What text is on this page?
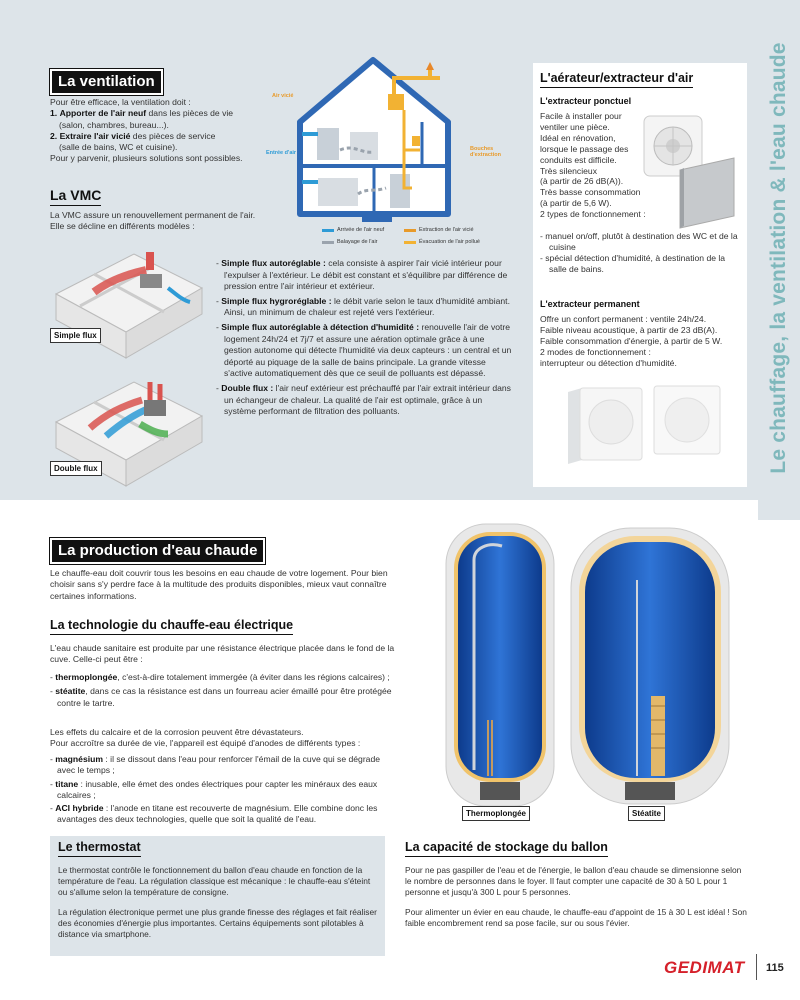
Le chauffage, la ventilation & l'eau chaude
La ventilation
Pour être efficace, la ventilation doit :
1. Apporter de l'air neuf dans les pièces de vie
(salon, chambres, bureau...).
2. Extraire l'air vicié des pièces de service
(salle de bains, WC et cuisine).
Pour y parvenir, plusieurs solutions sont possibles.
Air vicié
Entrée d'air
Bouches d'extraction
Arrivée de l'air neuf	Extraction de l'air vicié
Balayage de l'air	Évacuation de l'air pollué
La VMC
La VMC assure un renouvellement permanent de l'air.
Elle se décline en différents modèles :
Simple flux
Double flux
- Simple flux autoréglable : cela consiste à aspirer l'air vicié intérieur pour l'expulser à l'extérieur. Le débit est constant et s'équilibre par différence de pression entre l'air intérieur et extérieur.
- Simple flux hygroréglable : le débit varie selon le taux d'humidité ambiant. Ainsi, un minimum de chaleur est rejeté vers l'extérieur.
- Simple flux autoréglable à détection d'humidité : renouvelle l'air de votre logement 24h/24 et 7j/7 et assure une aération optimale grâce à une gestion autonome qui détecte l'humidité via deux capteurs : un central et un déporté au piquage de la salle de bains principale. La grande vitesse s'active automatiquement dès que ce seuil de polluants est dépassé.
- Double flux : l'air neuf extérieur est préchauffé par l'air extrait intérieur dans un échangeur de chaleur. La qualité de l'air est optimale, grâce à un système performant de filtration des polluants.
L'aérateur/extracteur d'air
L'extracteur ponctuel
Facile à installer pour
ventiler une pièce.
Idéal en rénovation,
lorsque le passage des
conduits est difficile.
Très silencieux
(à partir de 26 dB(A)).
Très basse consommation
(à partir de 5,6 W).
2 types de fonctionnement :
- manuel on/off, plutôt à destination des WC et de la cuisine
- spécial détection d'humidité, à destination de la salle de bains.
L'extracteur permanent
Offre un confort permanent : ventile 24h/24.
Faible niveau acoustique, à partir de 23 dB(A).
Faible consommation d'énergie, à partir de 5 W.
2 modes de fonctionnement :
interrupteur ou détection d'humidité.
La production d'eau chaude
Le chauffe-eau doit couvrir tous les besoins en eau chaude de votre logement. Pour bien choisir sans s'y perdre face à la multitude des produits disponibles, mieux vaut connaître certaines informations.
La technologie du chauffe-eau électrique
L'eau chaude sanitaire est produite par une résistance électrique placée dans le fond de la cuve. Celle-ci peut être :
- thermoplongée, c'est-à-dire totalement immergée (à éviter dans les régions calcaires) ;
- stéatite, dans ce cas la résistance est dans un fourreau acier émaillé pour être protégée contre le tartre.
Les effets du calcaire et de la corrosion peuvent être dévastateurs.
Pour accroître sa durée de vie, l'appareil est équipé d'anodes de différents types :
- magnésium : il se dissout dans l'eau pour renforcer l'émail de la cuve qui se dégrade avec le temps ;
- titane : inusable, elle émet des ondes électriques pour capter les minéraux des eaux calcaires ;
- ACI hybride : l'anode en titane est recouverte de magnésium. Elle combine donc les avantages des deux technologies, quelle que soit la qualité de l'eau.
Thermoplongée	Stéatite
Le thermostat
Le thermostat contrôle le fonctionnement du ballon d'eau chaude en fonction de la température de l'eau. La régulation classique est mécanique : le chauffe-eau s'éteint ou s'allume selon la température de consigne.
La régulation électronique permet une plus grande finesse des réglages et fait réaliser des économies d'énergie plus importantes. Certains équipements sont pilotables à distance via smartphone.
La capacité de stockage du ballon
Pour ne pas gaspiller de l'eau et de l'énergie, le ballon d'eau chaude se dimensionne selon le nombre de personnes dans le foyer. Il faut compter une capacité de 30 à 50 L pour 1 personne et jusqu'à 300 L pour 5 personnes.
Pour alimenter un évier en eau chaude, le chauffe-eau d'appoint de 15 à 30 L est idéal ! Son faible encombrement rend sa pose facile, sur ou sous l'évier.
GEDIMAT 115
